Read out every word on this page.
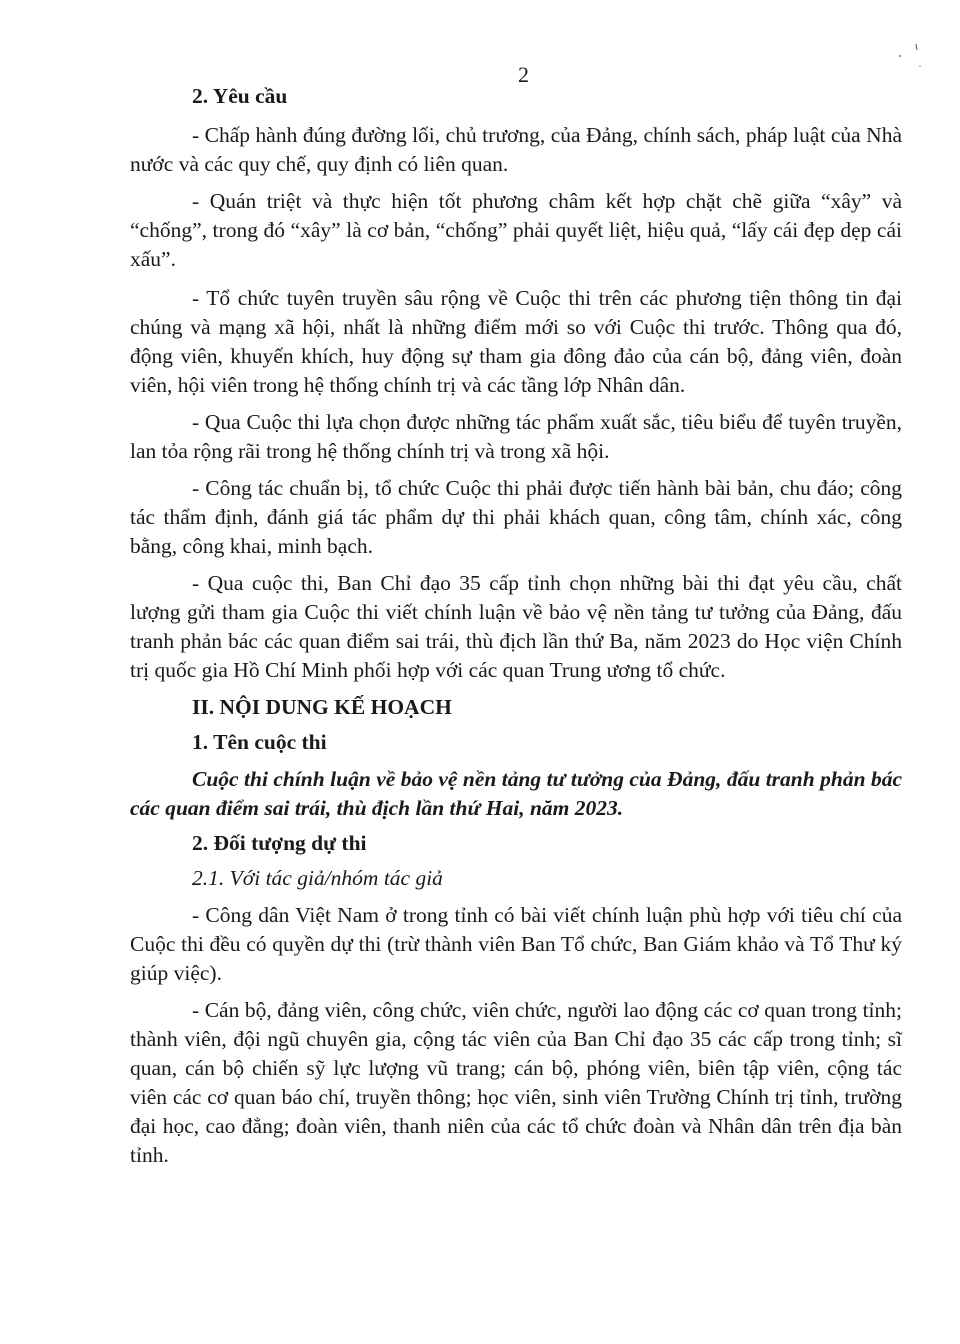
2
2. Yêu cầu

- Chấp hành đúng đường lối, chủ trương, của Đảng, chính sách, pháp luật của Nhà nước và các quy chế, quy định có liên quan.

- Quán triệt và thực hiện tốt phương châm kết hợp chặt chẽ giữa “xây” và “chống”, trong đó “xây” là cơ bản, “chống” phải quyết liệt, hiệu quả, “lấy cái đẹp dẹp cái xấu”.

- Tổ chức tuyên truyền sâu rộng về Cuộc thi trên các phương tiện thông tin đại chúng và mạng xã hội, nhất là những điểm mới so với Cuộc thi trước. Thông qua đó, động viên, khuyến khích, huy động sự tham gia đông đảo của cán bộ, đảng viên, đoàn viên, hội viên trong hệ thống chính trị và các tầng lớp Nhân dân.

- Qua Cuộc thi lựa chọn được những tác phẩm xuất sắc, tiêu biểu để tuyên truyền, lan tỏa rộng rãi trong hệ thống chính trị và trong xã hội.

- Công tác chuẩn bị, tổ chức Cuộc thi phải được tiến hành bài bản, chu đáo; công tác thẩm định, đánh giá tác phẩm dự thi phải khách quan, công tâm, chính xác, công bằng, công khai, minh bạch.

- Qua cuộc thi, Ban Chỉ đạo 35 cấp tỉnh chọn những bài thi đạt yêu cầu, chất lượng gửi tham gia Cuộc thi viết chính luận về bảo vệ nền tảng tư tưởng của Đảng, đấu tranh phản bác các quan điểm sai trái, thù địch lần thứ Ba, năm 2023 do Học viện Chính trị quốc gia Hồ Chí Minh phối hợp với các quan Trung ương tổ chức.

II. NỘI DUNG KẾ HOẠCH
1. Tên cuộc thi

Cuộc thi chính luận về bảo vệ nền tảng tư tưởng của Đảng, đấu tranh phản bác các quan điểm sai trái, thù địch lần thứ Hai, năm 2023.

2. Đối tượng dự thi
2.1. Với tác giả/nhóm tác giả

- Công dân Việt Nam ở trong tỉnh có bài viết chính luận phù hợp với tiêu chí của Cuộc thi đều có quyền dự thi (trừ thành viên Ban Tổ chức, Ban Giám khảo và Tổ Thư ký giúp việc).

- Cán bộ, đảng viên, công chức, viên chức, người lao động các cơ quan trong tỉnh; thành viên, đội ngũ chuyên gia, cộng tác viên của Ban Chỉ đạo 35 các cấp trong tỉnh; sĩ quan, cán bộ chiến sỹ lực lượng vũ trang; cán bộ, phóng viên, biên tập viên, cộng tác viên các cơ quan báo chí, truyền thông; học viên, sinh viên Trường Chính trị tỉnh, trường đại học, cao đẳng; đoàn viên, thanh niên của các tổ chức đoàn và Nhân dân trên địa bàn tỉnh.
